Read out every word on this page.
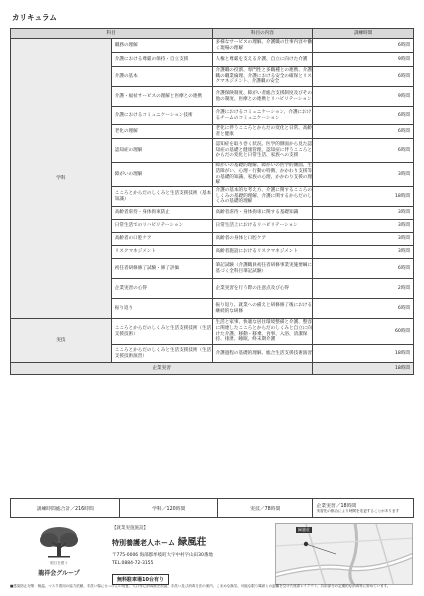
カリキュラム
科目		科目の内容	訓練時間
学科	職務の理解	多様なサービスの理解、介護職の仕事内容や働く現場の理解	6時間
	介護における尊厳の保持・自立支援	人権と尊厳を支える介護、自立に向けた介護	9時間
	介護の基本	介護職の役割、専門性と多職種との連携、介護職の職業倫理、介護における安全の確保とリスクマネジメント、介護職の安全	6時間
	介護・福祉サービスの理解と医療との連携	介護保険制度、障がい者総合支援制度及びその他の制度、医療との連携とリハビリテーション	9時間
	介護におけるコミュニケーション技術	介護におけるコミュニケーション、介護におけるチームのコミュニケーション	6時間
	老化の理解	老化に伴うこころとからだの変化と日常、高齢者と健康	6時間
	認知症の理解	認知症を取り巻く状況、医学的側面から見た認知症の基礎と健康管理、認知症に伴うこころとからだの変化と日常生活、家族への支援	6時間
	障がいの理解	障がいの基礎的理解、障がいの医学的側面、生活障がい、心理・行動の特徴、かかわり支援等の基礎的知識、家族の心理、かかわり支援の理解	3時間
	こころとからだのしくみと生活支援技術（基本知識）	介護の基本的な考え方、介護に関するこころのしくみの基礎的理解、介護に関するからだのしくみの基礎的理解	18時間
	高齢者虐待・身体拘束防止	高齢者虐待・身体拘束に関する基礎知識	3時間
	日常生活でのリハビリテーション	日常生活上におけるリハビリテーション	3時間
	高齢者の口腔ケア	高齢者の身体と口腔ケア	3時間
	リスクマネジメント	高齢者施設におけるリスクマネジメント	3時間
	初任者研修修了試験・修了評価	筆記試験（介護職員初任者研修事業実施要綱に基づく全科目筆記試験）	6時間
	企業実習の心得	企業実習を行う際の注意点及び心得	2時間
	振り返り	振り返り、就業への備えと研修修了後における継続的な研修	6時間
実技	こころとからだのしくみと生活支援技術（生活支援技術）	生活と家事、快適な居住環境整備と介護、整容に関連したこころとからだのしくみと自立に向けた介護、移動・移乗、食事、入浴、清潔保持、排泄、睡眠、終末期介護	60時間
	こころとからだのしくみと生活支援技術（生活支援技術演習）	介護過程の基礎的理解、総合生活支援技術演習	18時間
企業実習			18時間
訓練時間総合計／216時間	学科／120時間	実技／78時間	企業実習／18時間
実習先の都合により時間を変更することがあります
明日を憩う
龍祥会グループ
【就業実施施設】
特別養護老人ホーム 緑風荘
〒775-0006 海部郡牟岐町大字中村字山田30番地
TEL.0884-72-3155
無料駐車場10台有り
緑風荘
■感染防止対策：検温、マスク着用の協力依頼、手洗い場にせっけんの用意、入口等に消毒液を設置、手洗い及び消毒方法の案内、こまめな換気、可能な限り隣席との距離を空けた座席レイアウト、共用部分の定期的な消毒等に努めています。
